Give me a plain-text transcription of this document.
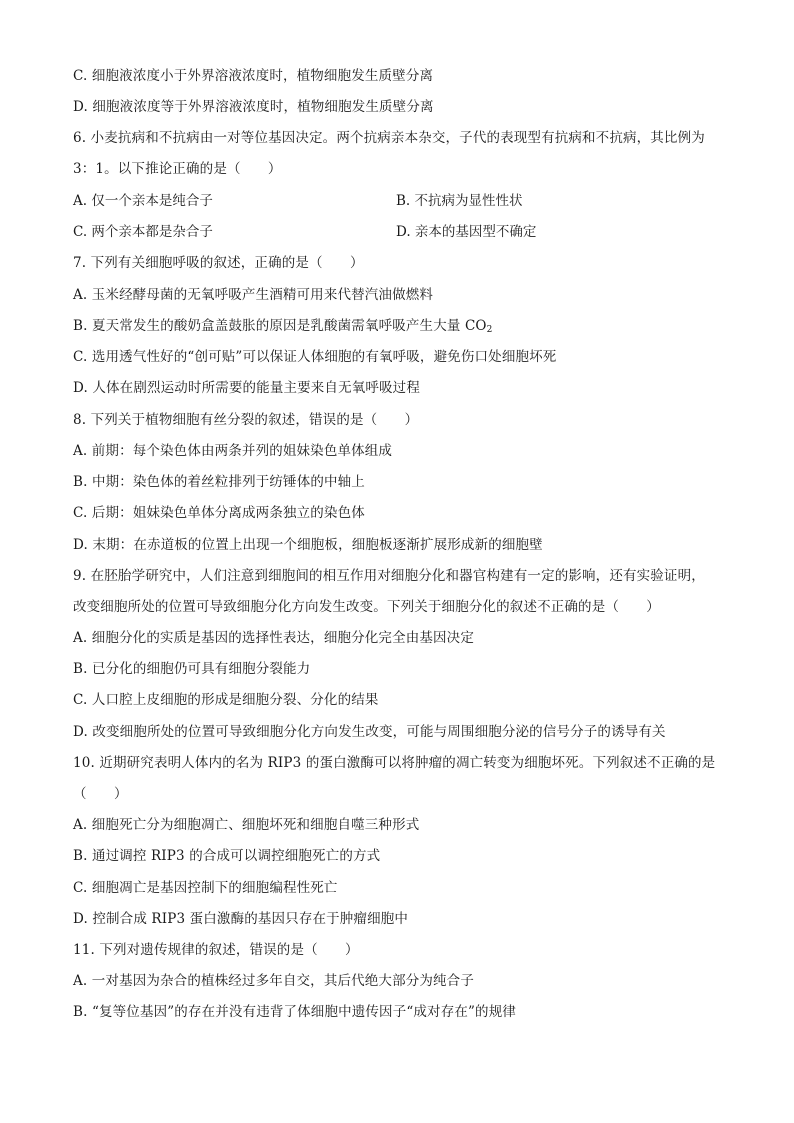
C. 细胞液浓度小于外界溶液浓度时，植物细胞发生质壁分离
D. 细胞液浓度等于外界溶液浓度时，植物细胞发生质壁分离
6. 小麦抗病和不抗病由一对等位基因决定。两个抗病亲本杂交，子代的表现型有抗病和不抗病，其比例为
3：1。以下推论正确的是（　　）
A. 仅一个亲本是纯合子	B. 不抗病为显性性状
C. 两个亲本都是杂合子	D. 亲本的基因型不确定
7. 下列有关细胞呼吸的叙述，正确的是（　　）
A. 玉米经酵母菌的无氧呼吸产生酒精可用来代替汽油做燃料
B. 夏天常发生的酸奶盒盖鼓胀的原因是乳酸菌需氧呼吸产生大量 $CO_2$
C. 选用透气性好的“创可贴”可以保证人体细胞的有氧呼吸，避免伤口处细胞坏死
D. 人体在剧烈运动时所需要的能量主要来自无氧呼吸过程
8. 下列关于植物细胞有丝分裂的叙述，错误的是（　　）
A. 前期：每个染色体由两条并列的姐妹染色单体组成
B. 中期：染色体的着丝粒排列于纺锤体的中轴上
C. 后期：姐妹染色单体分离成两条独立的染色体
D. 末期：在赤道板的位置上出现一个细胞板，细胞板逐渐扩展形成新的细胞壁
9. 在胚胎学研究中，人们注意到细胞间的相互作用对细胞分化和器官构建有一定的影响，还有实验证明，
改变细胞所处的位置可导致细胞分化方向发生改变。下列关于细胞分化的叙述不正确的是（　　）
A. 细胞分化的实质是基因的选择性表达，细胞分化完全由基因决定
B. 已分化的细胞仍可具有细胞分裂能力
C. 人口腔上皮细胞的形成是细胞分裂、分化的结果
D. 改变细胞所处的位置可导致细胞分化方向发生改变，可能与周围细胞分泌的信号分子的诱导有关
10. 近期研究表明人体内的名为 RIP3 的蛋白激酶可以将肿瘤的凋亡转变为细胞坏死。下列叙述不正确的是
（　　）
A. 细胞死亡分为细胞凋亡、细胞坏死和细胞自噬三种形式
B. 通过调控 RIP3 的合成可以调控细胞死亡的方式
C. 细胞凋亡是基因控制下的细胞编程性死亡
D. 控制合成 RIP3 蛋白激酶的基因只存在于肿瘤细胞中
11. 下列对遗传规律的叙述，错误的是（　　）
A. 一对基因为杂合的植株经过多年自交，其后代绝大部分为纯合子
B. “复等位基因”的存在并没有违背了体细胞中遗传因子“成对存在”的规律
